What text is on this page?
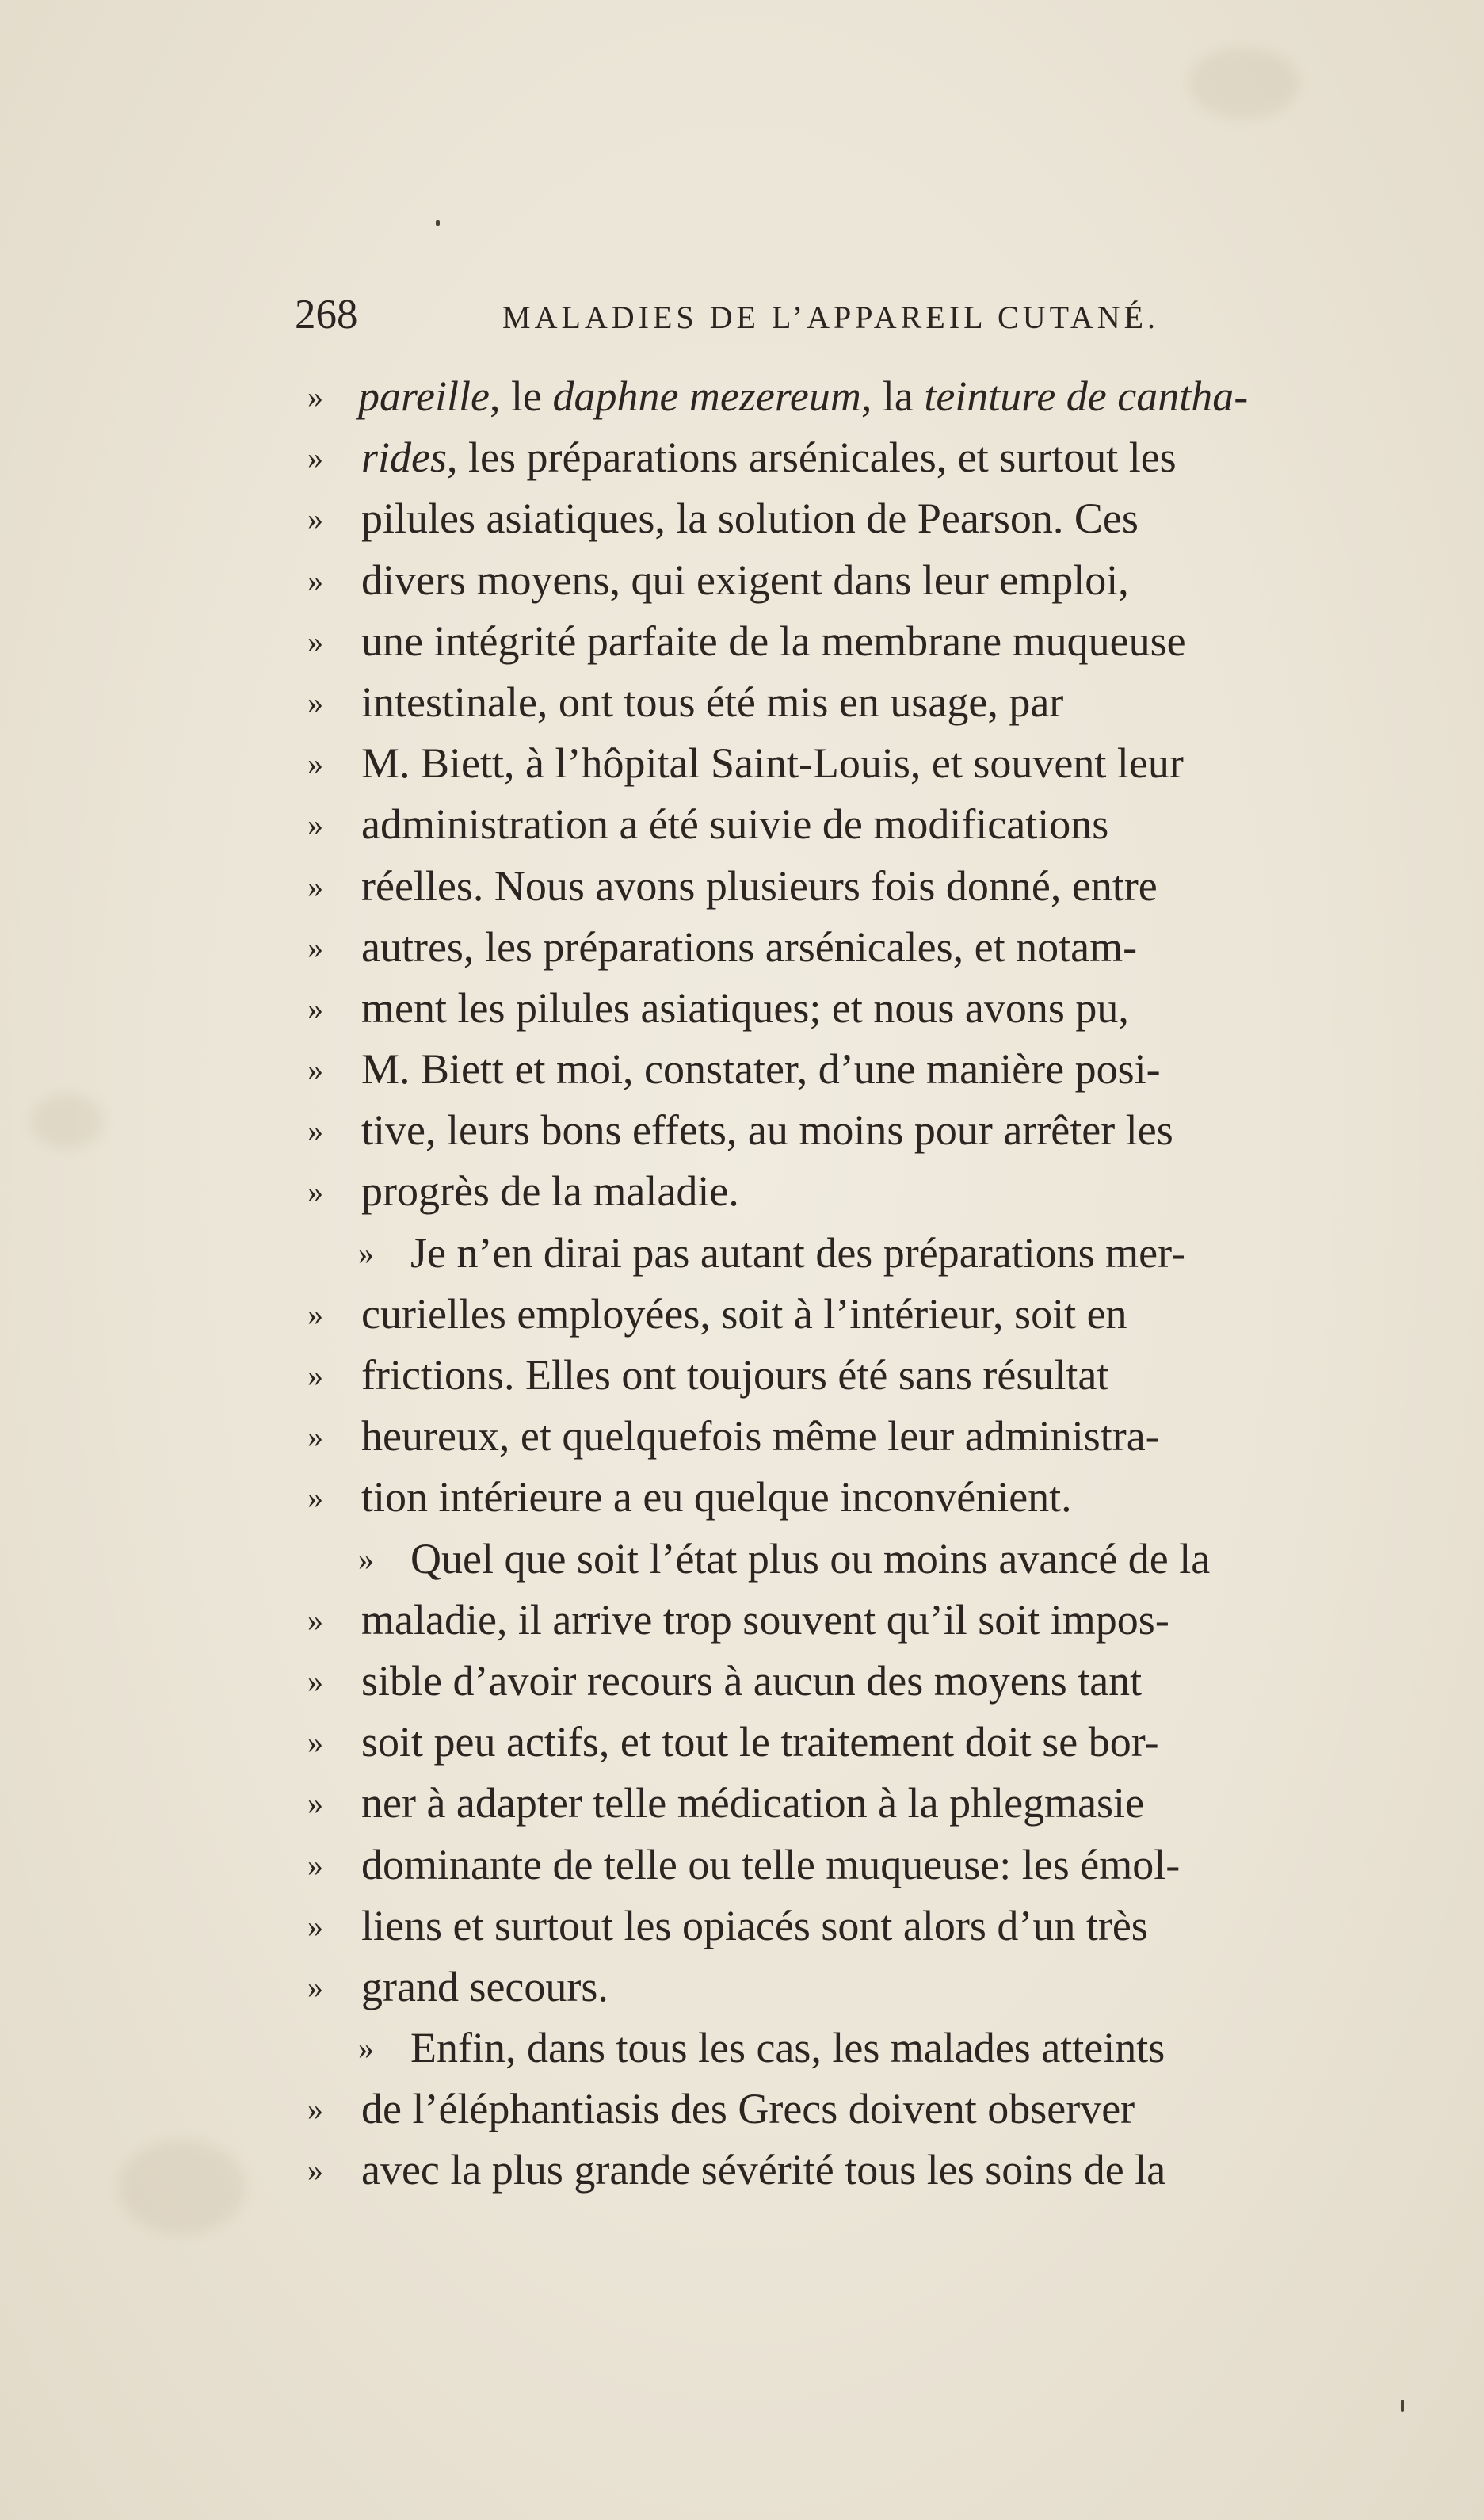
268	MALADIES DE L’APPAREIL CUTANÉ.
» pareille, le daphne mezereum, la teinture de cantha-
» rides, les préparations arsénicales, et surtout les
» pilules asiatiques, la solution de Pearson. Ces
» divers moyens, qui exigent dans leur emploi,
» une intégrité parfaite de la membrane muqueuse
» intestinale, ont tous été mis en usage, par
» M. Biett, à l’hôpital Saint-Louis, et souvent leur
» administration a été suivie de modifications
» réelles. Nous avons plusieurs fois donné, entre
» autres, les préparations arsénicales, et notam-
» ment les pilules asiatiques; et nous avons pu,
» M. Biett et moi, constater, d’une manière posi-
» tive, leurs bons effets, au moins pour arrêter les
» progrès de la maladie.
» Je n’en dirai pas autant des préparations mer-
» curielles employées, soit à l’intérieur, soit en
» frictions. Elles ont toujours été sans résultat
» heureux, et quelquefois même leur administra-
» tion intérieure a eu quelque inconvénient.
» Quel que soit l’état plus ou moins avancé de la
» maladie, il arrive trop souvent qu’il soit impos-
» sible d’avoir recours à aucun des moyens tant
» soit peu actifs, et tout le traitement doit se bor-
» ner à adapter telle médication à la phlegmasie
» dominante de telle ou telle muqueuse: les émol-
» liens et surtout les opiacés sont alors d’un très
» grand secours.
» Enfin, dans tous les cas, les malades atteints
» de l’éléphantiasis des Grecs doivent observer
» avec la plus grande sévérité tous les soins de la
